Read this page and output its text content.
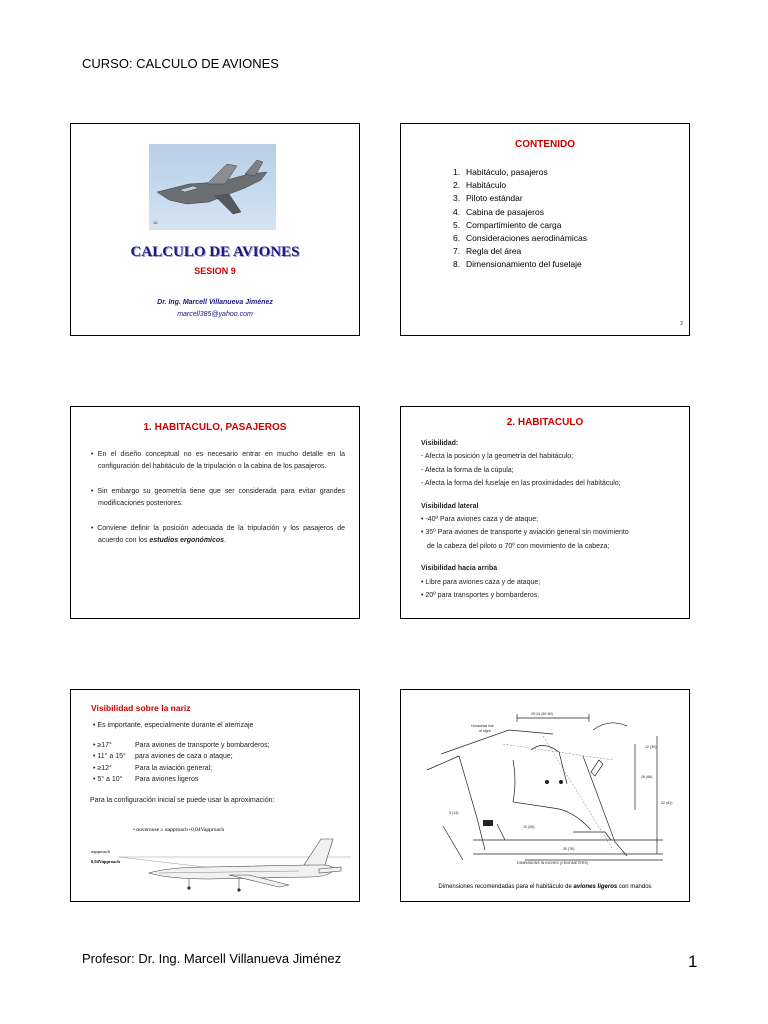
CURSO: CALCULO DE AVIONES
16
CALCULO DE AVIONES
SESION 9
Dr. Ing. Marcell Villanueva Jiménez
marcell385@yahoo.com
CONTENIDO
1. Habitáculo, pasajeros
2. Habitáculo
3. Piloto estándar
4. Cabina de pasajeros
5. Compartimiento de carga
6. Consideraciones aerodinámicas
7. Regla del área
8. Dimensionamiento del fuselaje
2
1. HABITACULO, PASAJEROS

• En el diseño conceptual no es necesario entrar en mucho detalle en la configuración del habitáculo de la tripulación o la cabina de los pasajeros.

• Sin embargo su geometría tiene que ser considerada para evitar grandes modificaciones posteriores.

• Conviene definir la posición adecuada de la tripulación y los pasajeros de acuerdo con los estudios ergonómicos.

2. HABITACULO
Visibilidad:
- Afecta la posición y la geometría del habitáculo;
- Afecta la forma de la cúpula;
- Afecta la forma del fuselaje en las proximidades del habitáculo;
Visibilidad lateral
• -40º Para aviones caza y de ataque;
• 35º Para aviones de transporte y aviación general sin movimiento
de la cabeza del piloto o 70º con movimiento de la cabeza;
Visibilidad hacia arriba
• Libre para aviones caza y de ataque;
• 20º para transportes y bombarderos.
Visibilidad sobre la nariz
• Es importante, especialmente durante el aterrizaje
• ≥17°	Para aviones de transporte y bombarderos;
• 11° a 15° para aviones de caza o ataque;
• ≥12°	Para la aviación general;
• 5° a 10° Para aviones ligeros
Para la configuración inicial se puede usar la aproximación:
• αovernose ≥ αapproach+0,04Vapproach
αapproach
0,04Vapproach
Horizontal line
of sight
20·24 (50·60)
12 (30)
26 (66)
32 (81)
5 (13)
10 (25)
30 (76)
DIMENSIONS IN INCHES (CENTIMETERS)
Dimensiones recomendadas para el habitáculo de aviones ligeros con mandos
Profesor: Dr. Ing. Marcell Villanueva Jiménez	1
